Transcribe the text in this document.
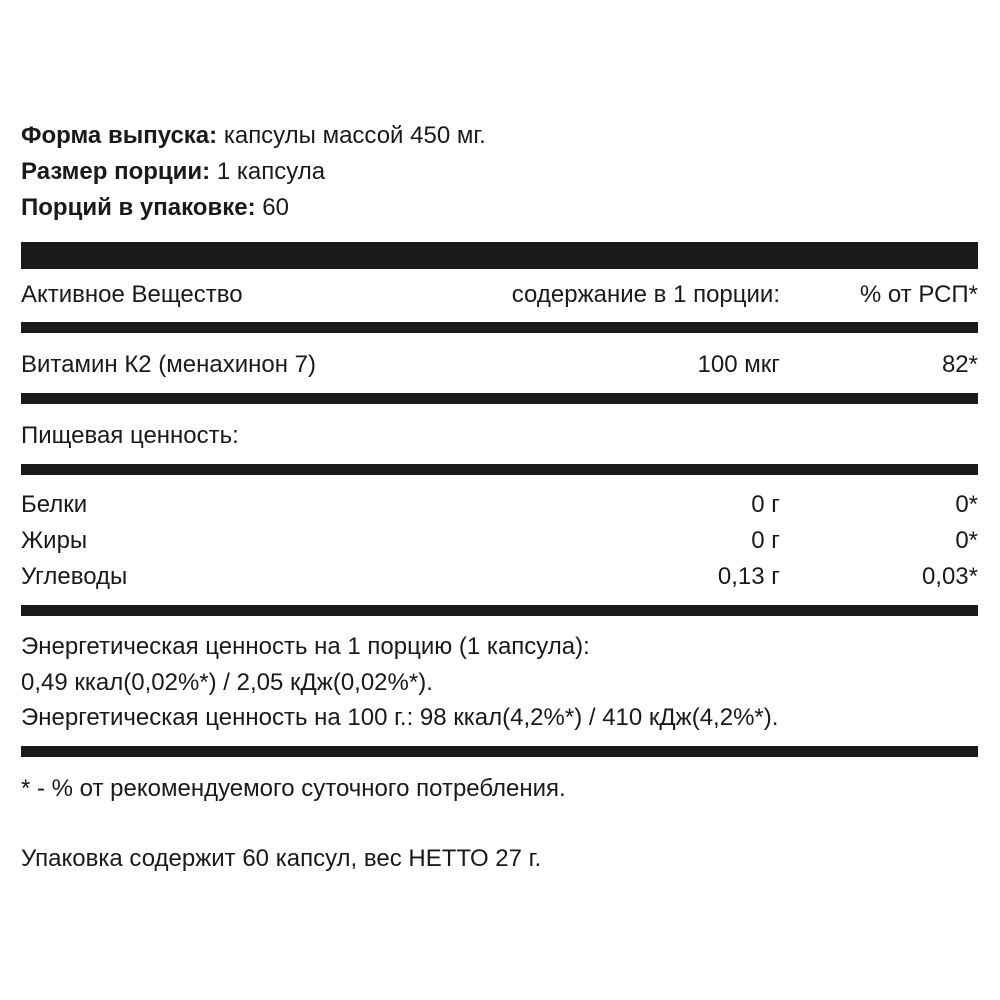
Форма выпуска: капсулы массой 450 мг.
Размер порции: 1 капсула
Порций в упаковке: 60
Активное Вещество	содержание в 1 порции:	% от РСП*
Витамин К2 (менахинон 7)	100 мкг	82*
Пищевая ценность:
Белки	0 г	0*
Жиры	0 г	0*
Углеводы	0,13 г	0,03*
Энергетическая ценность на 1 порцию (1 капсула):
0,49 ккал(0,02%*) / 2,05 кДж(0,02%*).
Энергетическая ценность на 100 г.: 98 ккал(4,2%*) / 410 кДж(4,2%*).
* - % от рекомендуемого суточного потребления.
Упаковка содержит 60 капсул, вес НЕТТО 27 г.
